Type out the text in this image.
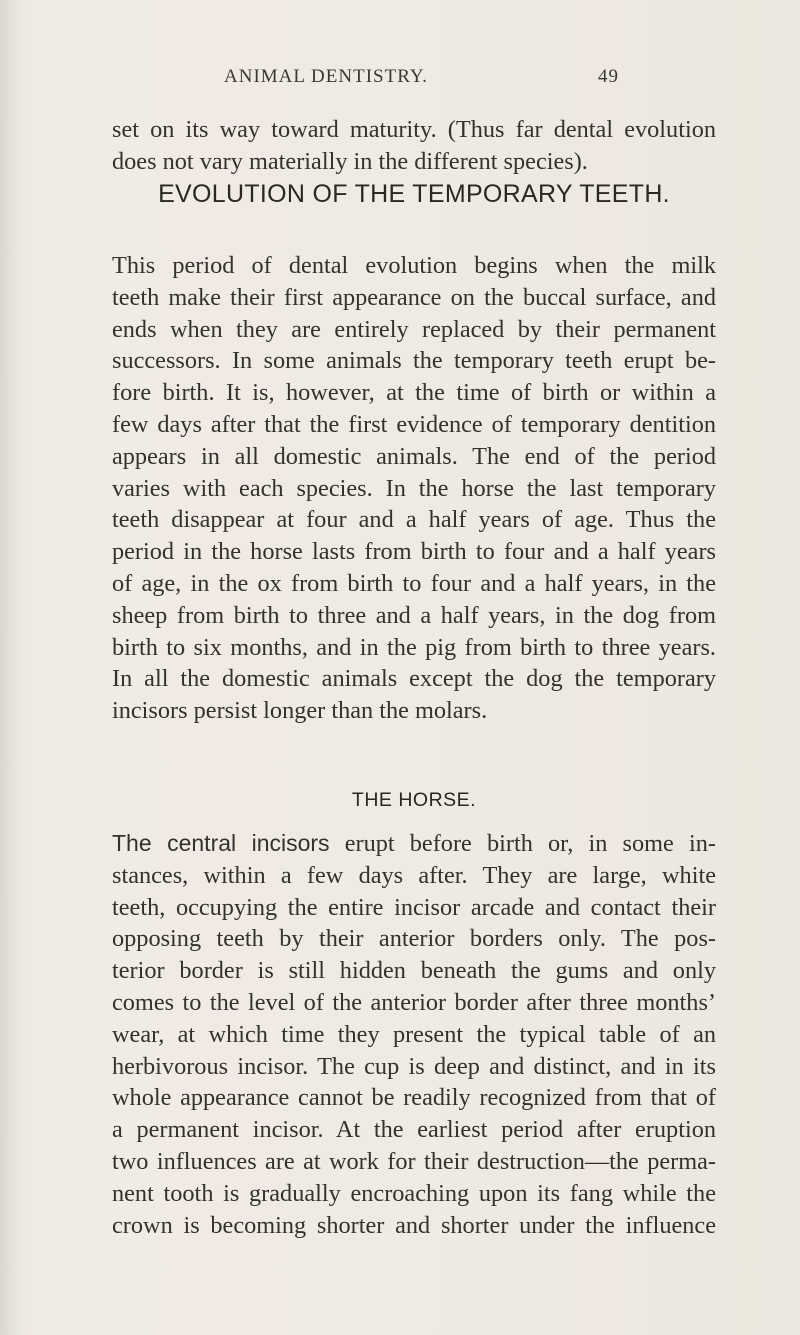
ANIMAL DENTISTRY.	49
set on its way toward maturity. (Thus far dental evolution
does not vary materially in the different species).
EVOLUTION OF THE TEMPORARY TEETH.
This period of dental evolution begins when the milk
teeth make their first appearance on the buccal surface, and
ends when they are entirely replaced by their permanent
successors. In some animals the temporary teeth erupt be-
fore birth. It is, however, at the time of birth or within a
few days after that the first evidence of temporary dentition
appears in all domestic animals. The end of the period
varies with each species. In the horse the last temporary
teeth disappear at four and a half years of age. Thus the
period in the horse lasts from birth to four and a half years
of age, in the ox from birth to four and a half years, in the
sheep from birth to three and a half years, in the dog from
birth to six months, and in the pig from birth to three years.
In all the domestic animals except the dog the temporary
incisors persist longer than the molars.
THE HORSE.
The central incisors erupt before birth or, in some in-
stances, within a few days after. They are large, white
teeth, occupying the entire incisor arcade and contact their
opposing teeth by their anterior borders only. The pos-
terior border is still hidden beneath the gums and only
comes to the level of the anterior border after three months’
wear, at which time they present the typical table of an
herbivorous incisor. The cup is deep and distinct, and in its
whole appearance cannot be readily recognized from that of
a permanent incisor. At the earliest period after eruption
two influences are at work for their destruction—the perma-
nent tooth is gradually encroaching upon its fang while the
crown is becoming shorter and shorter under the influence
